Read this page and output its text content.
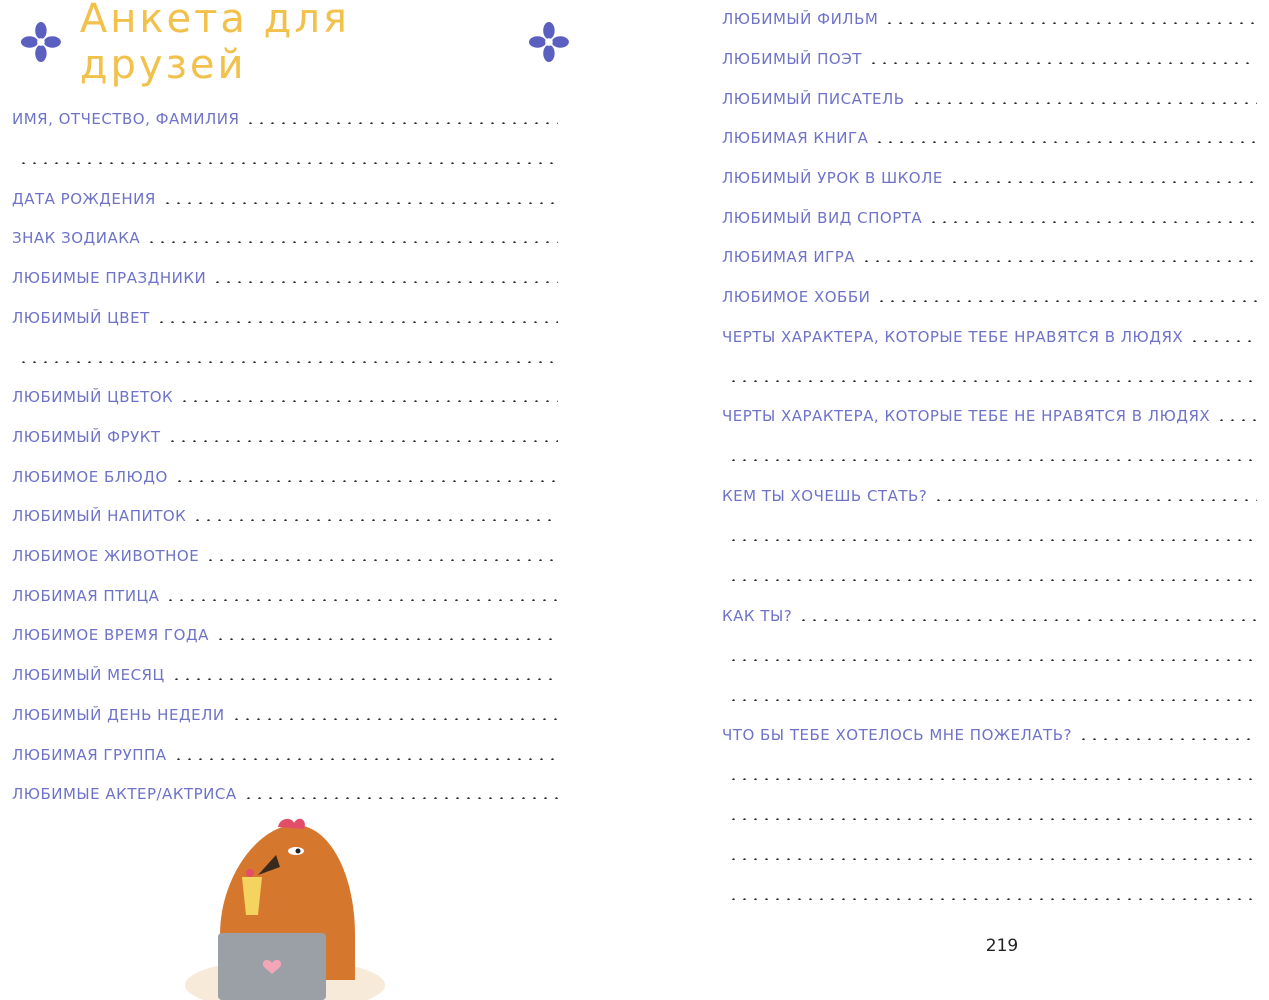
Анкета для друзей
ИМЯ, ОТЧЕСТВО, ФАМИЛИЯ
ДАТА РОЖДЕНИЯ
ЗНАК ЗОДИАКА
ЛЮБИМЫЕ ПРАЗДНИКИ
ЛЮБИМЫЙ ЦВЕТ
ЛЮБИМЫЙ ЦВЕТОК
ЛЮБИМЫЙ ФРУКТ
ЛЮБИМОЕ БЛЮДО
ЛЮБИМЫЙ НАПИТОК
ЛЮБИМОЕ ЖИВОТНОЕ
ЛЮБИМАЯ ПТИЦА
ЛЮБИМОЕ ВРЕМЯ ГОДА
ЛЮБИМЫЙ МЕСЯЦ
ЛЮБИМЫЙ ДЕНЬ НЕДЕЛИ
ЛЮБИМАЯ ГРУППА
ЛЮБИМЫЕ АКТЕР/АКТРИСА
ЛЮБИМЫЙ ФИЛЬМ
ЛЮБИМЫЙ ПОЭТ
ЛЮБИМЫЙ ПИСАТЕЛЬ
ЛЮБИМАЯ КНИГА
ЛЮБИМЫЙ УРОК В ШКОЛЕ
ЛЮБИМЫЙ ВИД СПОРТА
ЛЮБИМАЯ ИГРА
ЛЮБИМОЕ ХОББИ
ЧЕРТЫ ХАРАКТЕРА, КОТОРЫЕ ТЕБЕ НРАВЯТСЯ В ЛЮДЯХ
ЧЕРТЫ ХАРАКТЕРА, КОТОРЫЕ ТЕБЕ НЕ НРАВЯТСЯ В ЛЮДЯХ
КЕМ ТЫ ХОЧЕШЬ СТАТЬ?
КАК ТЫ?
ЧТО БЫ ТЕБЕ ХОТЕЛОСЬ МНЕ ПОЖЕЛАТЬ?
219
